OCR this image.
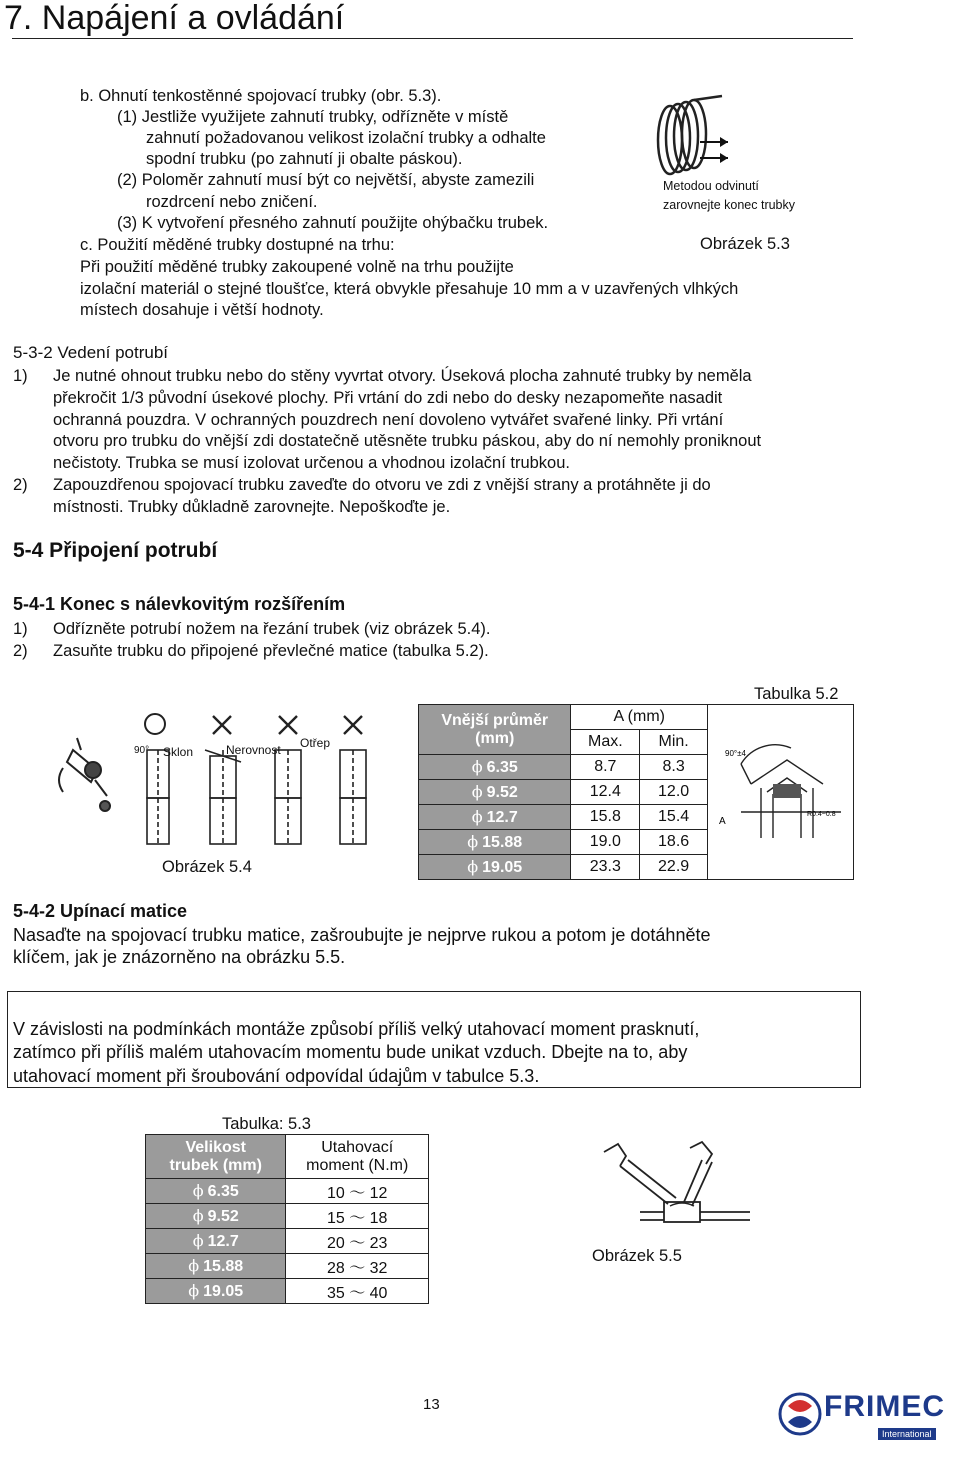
7. Napájení a ovládání
b. Ohnutí tenkostěnné spojovací trubky (obr. 5.3).
(1) Jestliže využijete zahnutí trubky, odřízněte v místě
zahnutí požadovanou velikost izolační trubky a odhalte
spodní trubku (po zahnutí ji obalte páskou).
(2) Poloměr zahnutí musí být co největší, abyste zamezili
rozdrcení nebo zničení.
(3) K vytvoření přesného zahnutí použijte ohýbačku trubek.
Metodou odvinutí
zarovnejte konec trubky
Obrázek 5.3
c. Použití měděné trubky dostupné na trhu:
Při použití měděné trubky zakoupené volně na trhu použijte
izolační materiál o stejné tloušťce, která obvykle přesahuje 10 mm a v uzavřených vlhkých
místech dosahuje i větší hodnoty.
5-3-2 Vedení potrubí
1) Je nutné ohnout trubku nebo do stěny vyvrtat otvory. Úseková plocha zahnuté trubky by neměla
překročit 1/3 původní úsekové plochy. Při vrtání do zdi nebo do desky nezapomeňte nasadit
ochranná pouzdra. V ochranných pouzdrech není dovoleno vytvářet svařené linky. Při vrtání
otvoru pro trubku do vnější zdi dostatečně utěsněte trubku páskou, aby do ní nemohly proniknout
nečistoty. Trubka se musí izolovat určenou a vhodnou izolační trubkou.
2) Zapouzdřenou spojovací trubku zaveďte do otvoru ve zdi z vnější strany a protáhněte ji do
místnosti. Trubky důkladně zarovnejte. Nepoškoďte je.
5-4 Připojení potrubí
5-4-1 Konec s nálevkovitým rozšířením
1) Odřízněte potrubí nožem na řezání trubek (viz obrázek 5.4).
2) Zasuňte trubku do připojené převlečné matice (tabulka 5.2).
90° Sklon	Nerovnost Otřep
Obrázek 5.4
Tabulka 5.2
Vnější průměr
(mm)	A (mm)		90°±4
R0.4~0.8
A

	Max.	Min.	
ϕ 6.35	8.7	8.3	
ϕ 9.52	12.4	12.0	
ϕ 12.7	15.8	15.4	
ϕ 15.88	19.0	18.6	
ϕ 19.05	23.3	22.9	
5-4-2 Upínací matice
Nasaďte na spojovací trubku matice, zašroubujte je nejprve rukou a potom je dotáhněte
klíčem, jak je znázorněno na obrázku 5.5.
V závislosti na podmínkách montáže způsobí příliš velký utahovací moment prasknutí,
zatímco při příliš malém utahovacím momentu bude unikat vzduch. Dbejte na to, aby
utahovací moment při šroubování odpovídal údajům v tabulce 5.3.
Tabulka: 5.3
Velikost
trubek (mm)	Utahovací
moment (N.m)
ϕ 6.35	10 ～ 12
ϕ 9.52	15 ～ 18
ϕ 12.7	20 ～ 23
ϕ 15.88	28 ～ 32
ϕ 19.05	35 ～ 40
Obrázek 5.5
13	FRIMEC
International
